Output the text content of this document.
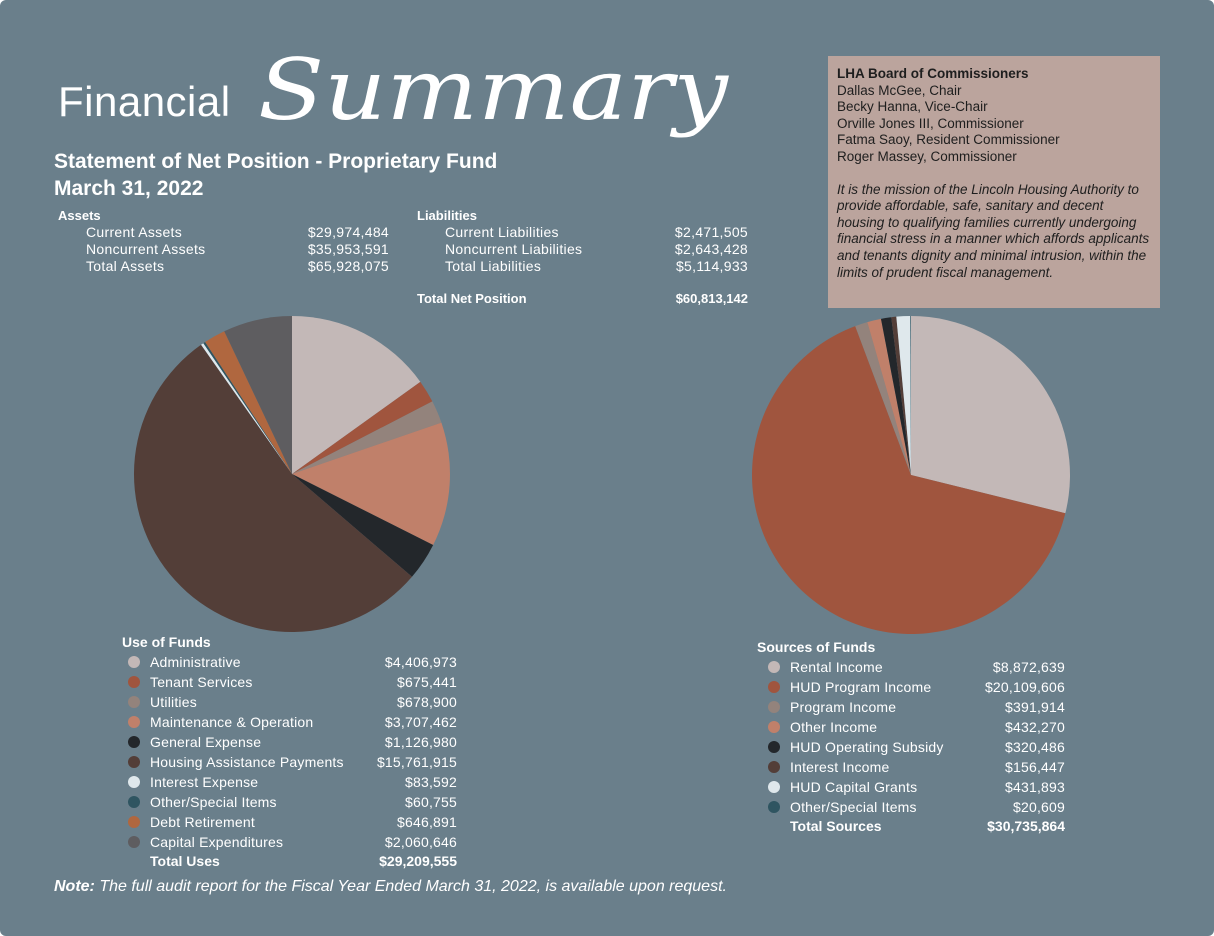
Financial Summary
Statement of Net Position - Proprietary Fund
March 31, 2022
Assets
Current Assets	$29,974,484
Noncurrent Assets	$35,953,591
Total Assets	$65,928,075
Liabilities
Current Liabilities	$2,471,505
Noncurrent Liabilities	$2,643,428
Total Liabilities	$5,114,933
Total Net Position	$60,813,142
LHA Board of Commissioners
Dallas McGee, Chair
Becky Hanna, Vice-Chair
Orville Jones III, Commissioner
Fatma Saoy, Resident Commissioner
Roger Massey, Commissioner
It is the mission of the Lincoln Housing Authority to provide affordable, safe, sanitary and decent housing to qualifying families currently undergoing financial stress in a manner which affords applicants and tenants dignity and minimal intrusion, within the limits of prudent fiscal management.
Use of Funds
Administrative	$4,406,973
Tenant Services	$675,441
Utilities	$678,900
Maintenance & Operation	$3,707,462
General Expense	$1,126,980
Housing Assistance Payments $15,761,915
Interest Expense	$83,592
Other/Special Items	$60,755
Debt Retirement	$646,891
Capital Expenditures	$2,060,646
Total Uses	$29,209,555
Sources of Funds
Rental Income	$8,872,639
HUD Program Income	$20,109,606
Program Income	$391,914
Other Income	$432,270
HUD Operating Subsidy	$320,486
Interest Income	$156,447
HUD Capital Grants	$431,893
Other/Special Items	$20,609
Total Sources	$30,735,864
Note: The full audit report for the Fiscal Year Ended March 31, 2022, is available upon request.
